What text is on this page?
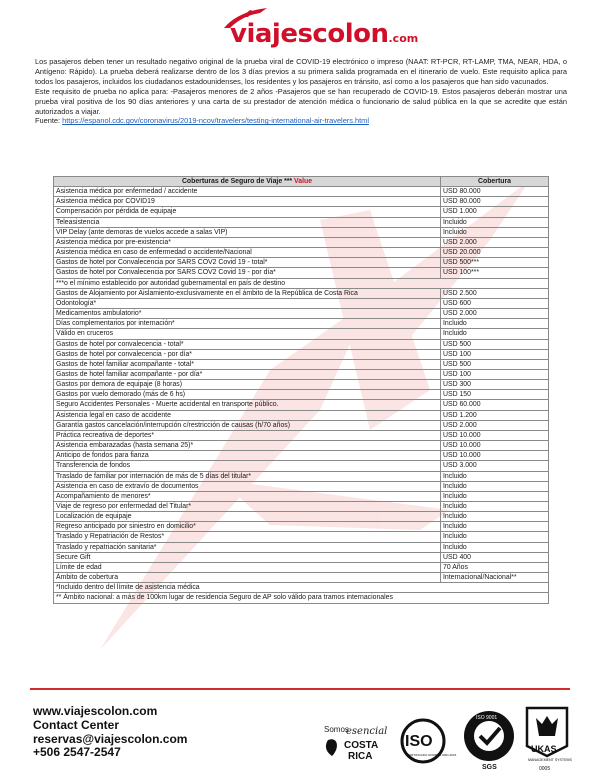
viajescolon.com

Los pasajeros deben tener un resultado negativo original de la prueba viral de COVID-19 electrónico o impreso (NAAT: RT-PCR, RT-LAMP, TMA, NEAR, HDA, o Antígeno: Rápido). La prueba deberá realizarse dentro de los 3 días previos a su primera salida programada en el itinerario de vuelo. Este requisito aplica para todos los pasajeros, incluidos los ciudadanos estadounidenses, los residentes y los pasajeros en tránsito, así como a los pasajeros que han sido vacunados.

Este requisito de prueba no aplica para: -Pasajeros menores de 2 años -Pasajeros que se han recuperado de COVID-19. Estos pasajeros deberán mostrar una prueba viral positiva de los 90 días anteriores y una carta de su prestador de atención médica o funcionario de salud pública en la que se acredite que están autorizados a viajar.

Fuente: https://espanol.cdc.gov/coronavirus/2019-ncov/travelers/testing-international-air-travelers.html

Coberturas de Seguro de Viaje *** Value	Cobertura
Asistencia médica por enfermedad / accidente	USD 80.000
Asistencia médica por COVID19	USD 80.000
Compensación por pérdida de equipaje	USD 1.000
Teleasistencia	Incluido
VIP Delay (ante demoras de vuelos accede a salas VIP)	Incluido
Asistencia médica por pre-existencia*	USD 2.000
Asistencia médica en caso de enfermedad o accidente/Nacional	USD 20.000
Gastos de hotel por Convalecencia por SARS COV2 Covid 19 - total*	USD 500***
Gastos de hotel por Convalecencia por SARS COV2 Covid 19 - por día*	USD 100***
***o el mínimo establecido por autoridad gubernamental en país de destino	
Gastos de Alojamiento por Aislamiento-exclusivamente en el ámbito de la República de Costa Rica	USD 2.500
Odontología*	USD 600
Medicamentos ambulatorio*	USD 2.000
Días complementarios por internación*	Incluido
Válido en cruceros	Incluido
Gastos de hotel por convalecencia - total*	USD 500
Gastos de hotel por convalecencia - por día*	USD 100
Gastos de hotel familiar acompañante - total*	USD 500
Gastos de hotel familiar acompañante - por día*	USD 100
Gastos por demora de equipaje (8 horas)	USD 300
Gastos por vuelo demorado (más de 6 hs)	USD 150
Seguro Accidentes Personales - Muerte accidental en transporte público.	USD 60.000
Asistencia legal en caso de accidente	USD 1.200
Garantía gastos cancelación/interrupción c/restricción de causas (h/70 años)	USD 2.000
Práctica recreativa de deportes*	USD 10.000
Asistencia embarazadas (hasta semana 25)*	USD 10.000
Anticipo de fondos para fianza	USD 10.000
Transferencia de fondos	USD 3.000
Traslado de familiar por internación de más de 5 días del titular*	Incluido
Asistencia en caso de extravío de documentos	Incluido
Acompañamiento de menores*	Incluido
Viaje de regreso por enfermedad del Titular*	Incluido
Localización de equipaje	Incluido
Regreso anticipado por siniestro en domicilio*	Incluido
Traslado y Repatriación de Restos*	Incluido
Traslado y repatriación sanitaria*	Incluido
Secure Gift	USD 400
Límite de edad	70 Años
Ámbito de cobertura	Internacional/Nacional**
*Incluido dentro del límite de asistencia médica	
** Ámbito nacional: a más de 100km lugar de residencia Seguro de AP solo válido para tramos internacionales	
www.viajescolon.com
Contact Center
reservas@viajescolon.com
+506 2547-2547
Somos
esencial
COSTA
RICA
ISO
CERTIFICADO NORMAS 9001:2015
ISO 9001
SGS
UKAS
MANAGEMENT SYSTEMS
0005
